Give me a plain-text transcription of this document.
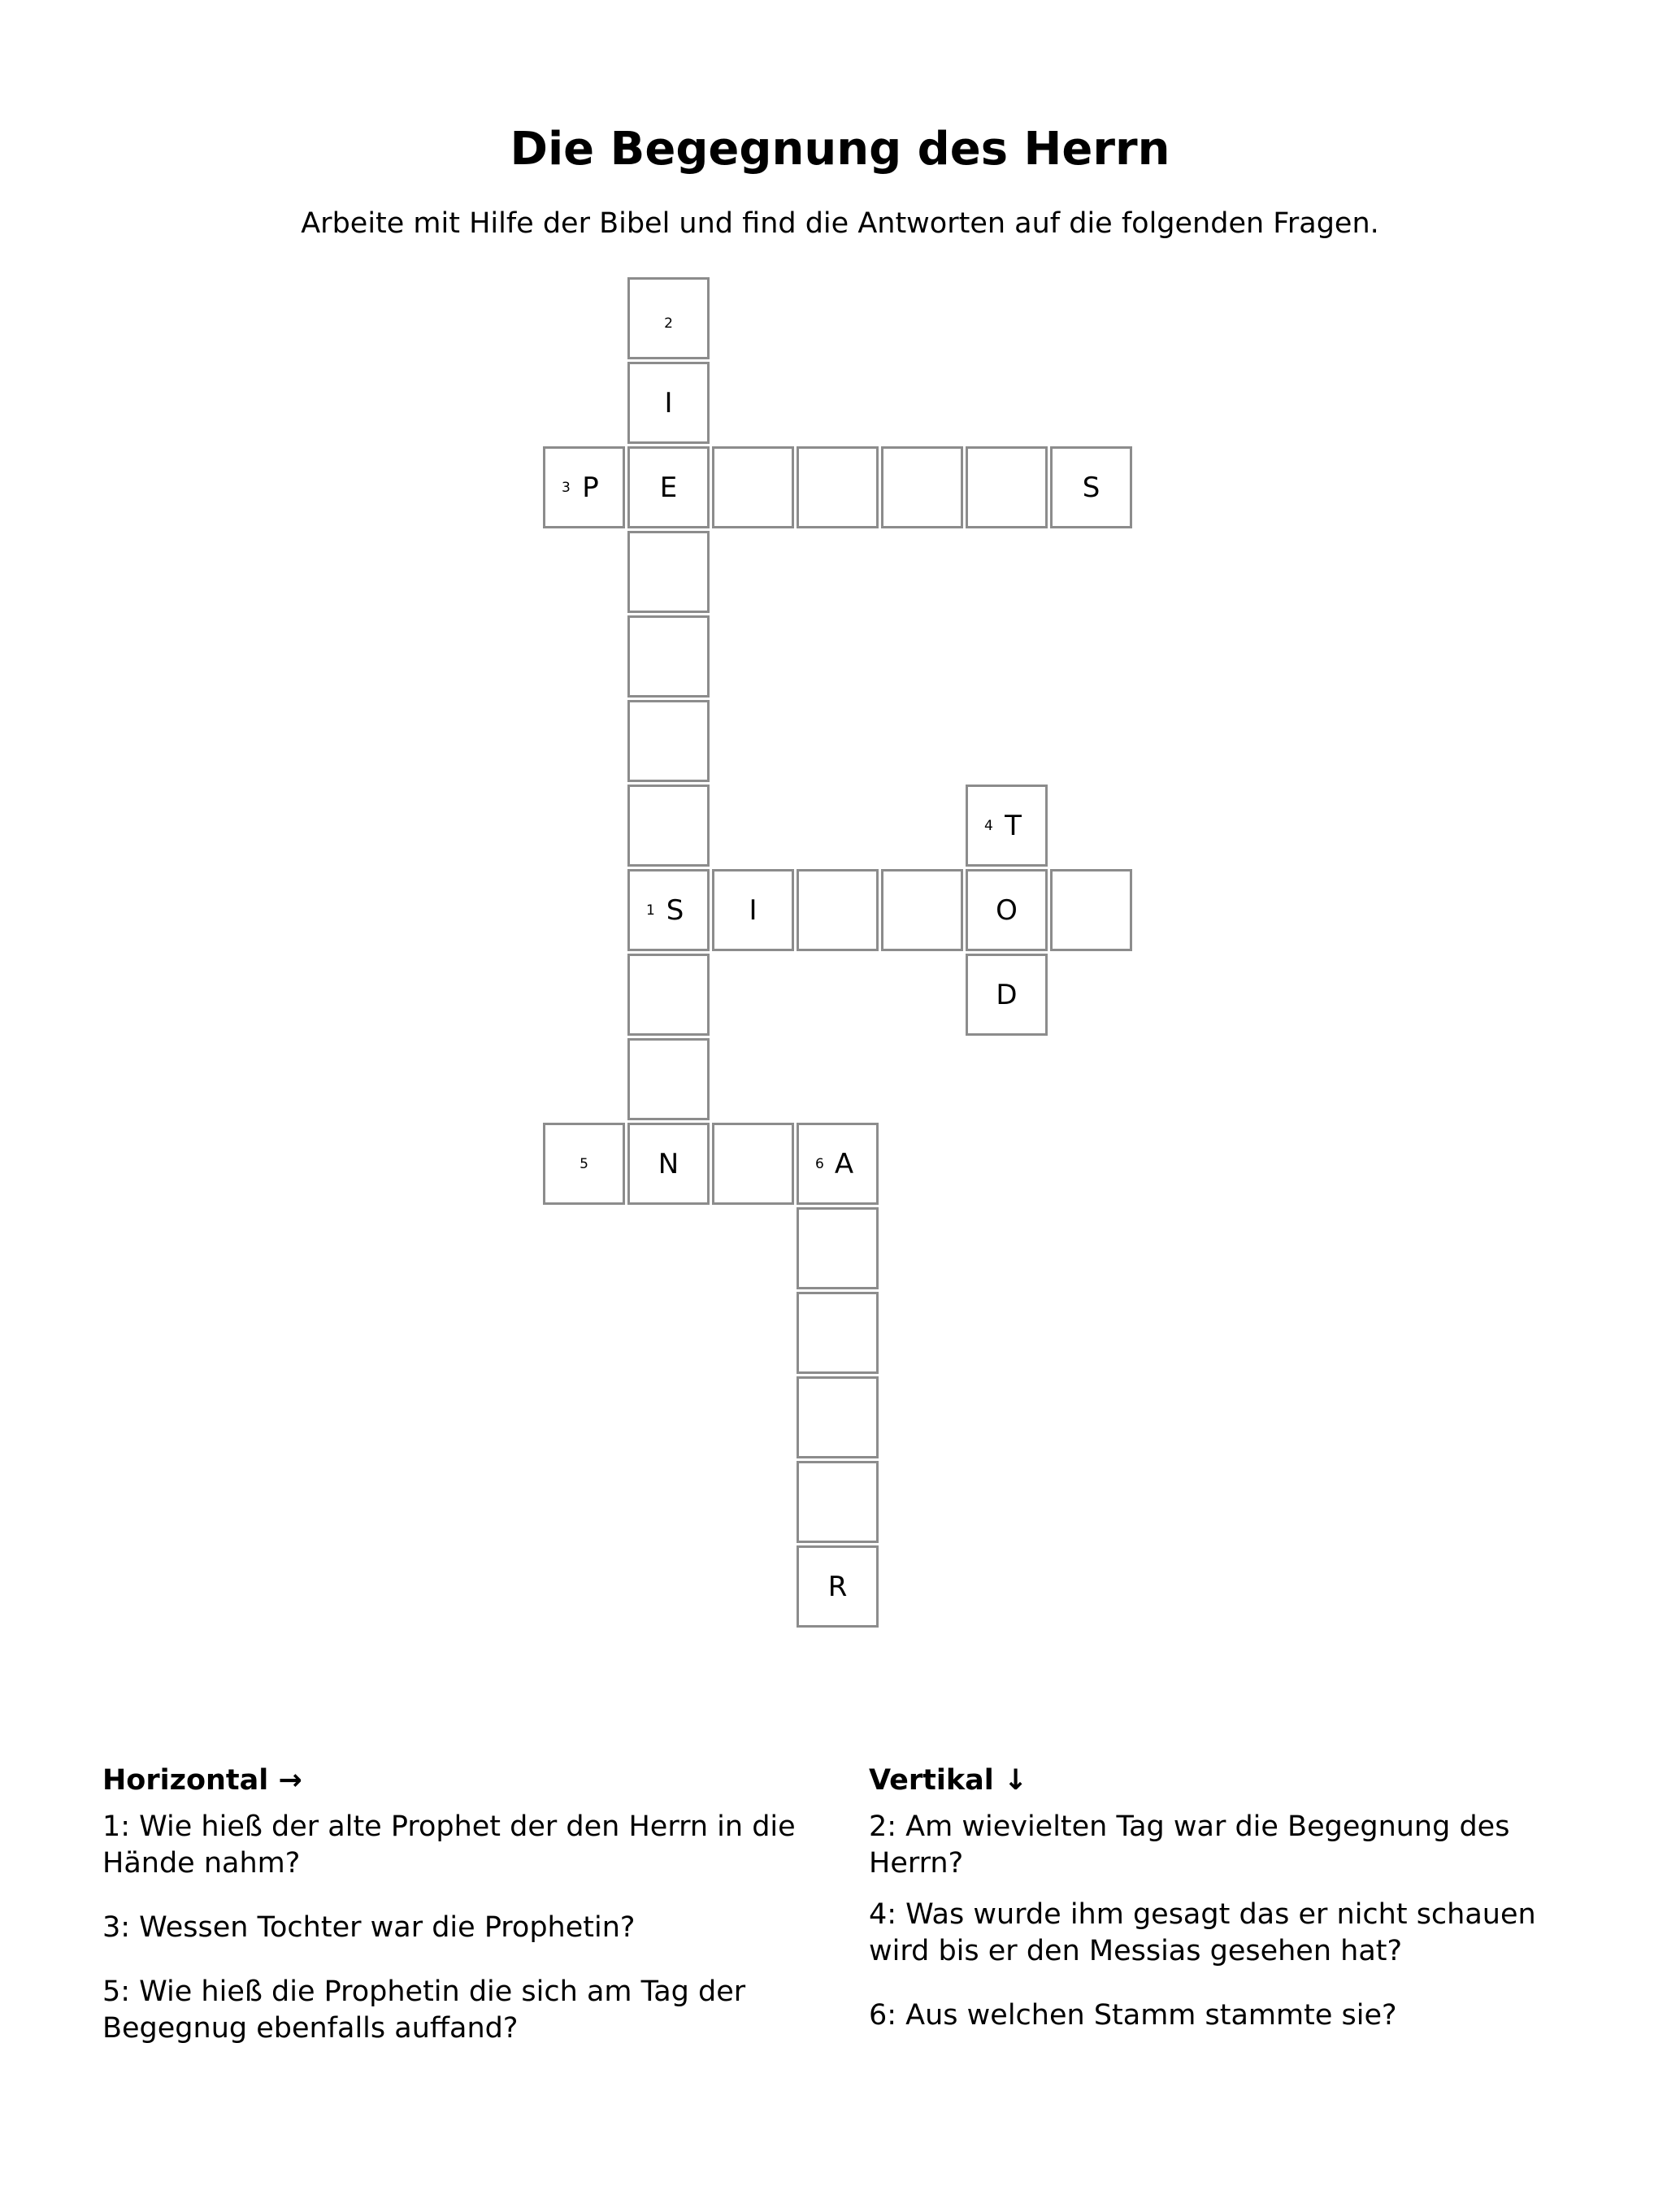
Die Begegnung des Herrn
Arbeite mit Hilfe der Bibel und find die Antworten auf die folgenden Fragen.
2
I
3 P	E	S
4 T
1 S	I	O
D
5	N	6 A
R
Horizontal →
1: Wie hieß der alte Prophet der den Herrn in die Hände nahm?
3: Wessen Tochter war die Prophetin?
5: Wie hieß die Prophetin die sich am Tag der Begegnug ebenfalls auffand?
Vertikal ↓
2: Am wievielten Tag war die Begegnung des Herrn?
4: Was wurde ihm gesagt das er nicht schauen wird bis er den Messias gesehen hat?
6: Aus welchen Stamm stammte sie?
